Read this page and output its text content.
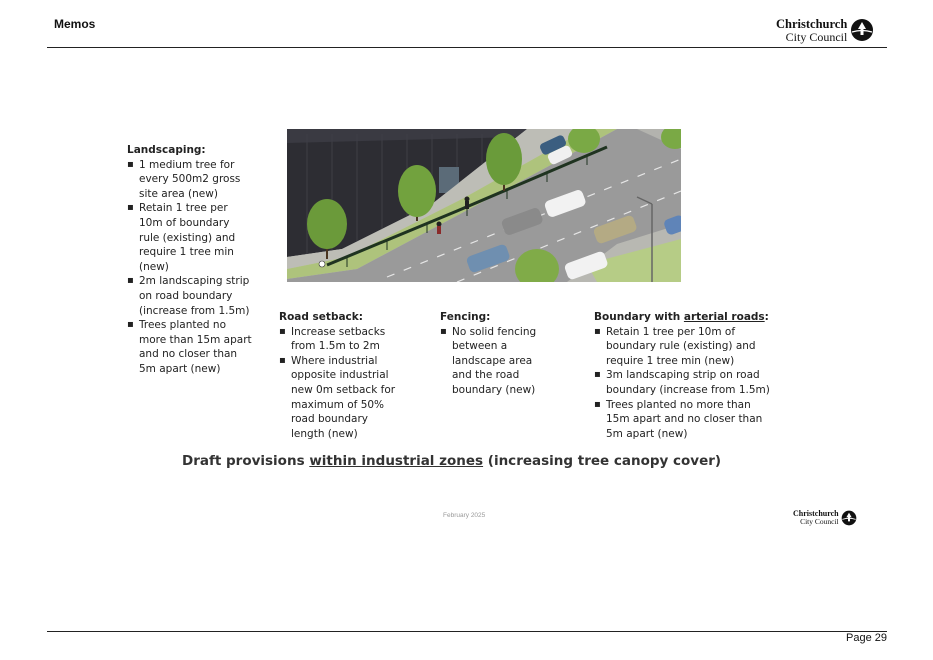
Memos	Christchurch
City Council
Landscaping:
▪ 1 medium tree for every 500m2 gross site area (new)
▪ Retain 1 tree per 10m of boundary rule (existing) and require 1 tree min (new)
▪ 2m landscaping strip on road boundary (increase from 1.5m)
▪ Trees planted no more than 15m apart and no closer than 5m apart (new)
Road setback:
▪ Increase setbacks from 1.5m to 2m
▪ Where industrial opposite industrial new 0m setback for maximum of 50% road boundary length (new)
Fencing:
▪ No solid fencing between a landscape area and the road boundary (new)
Boundary with arterial roads:
▪ Retain 1 tree per 10m of boundary rule (existing) and require 1 tree min (new)
▪ 3m landscaping strip on road boundary (increase from 1.5m)
▪ Trees planted no more than 15m apart and no closer than 5m apart (new)
Draft provisions within industrial zones (increasing tree canopy cover)
February 2025	Christchurch
City Council
Page 29
